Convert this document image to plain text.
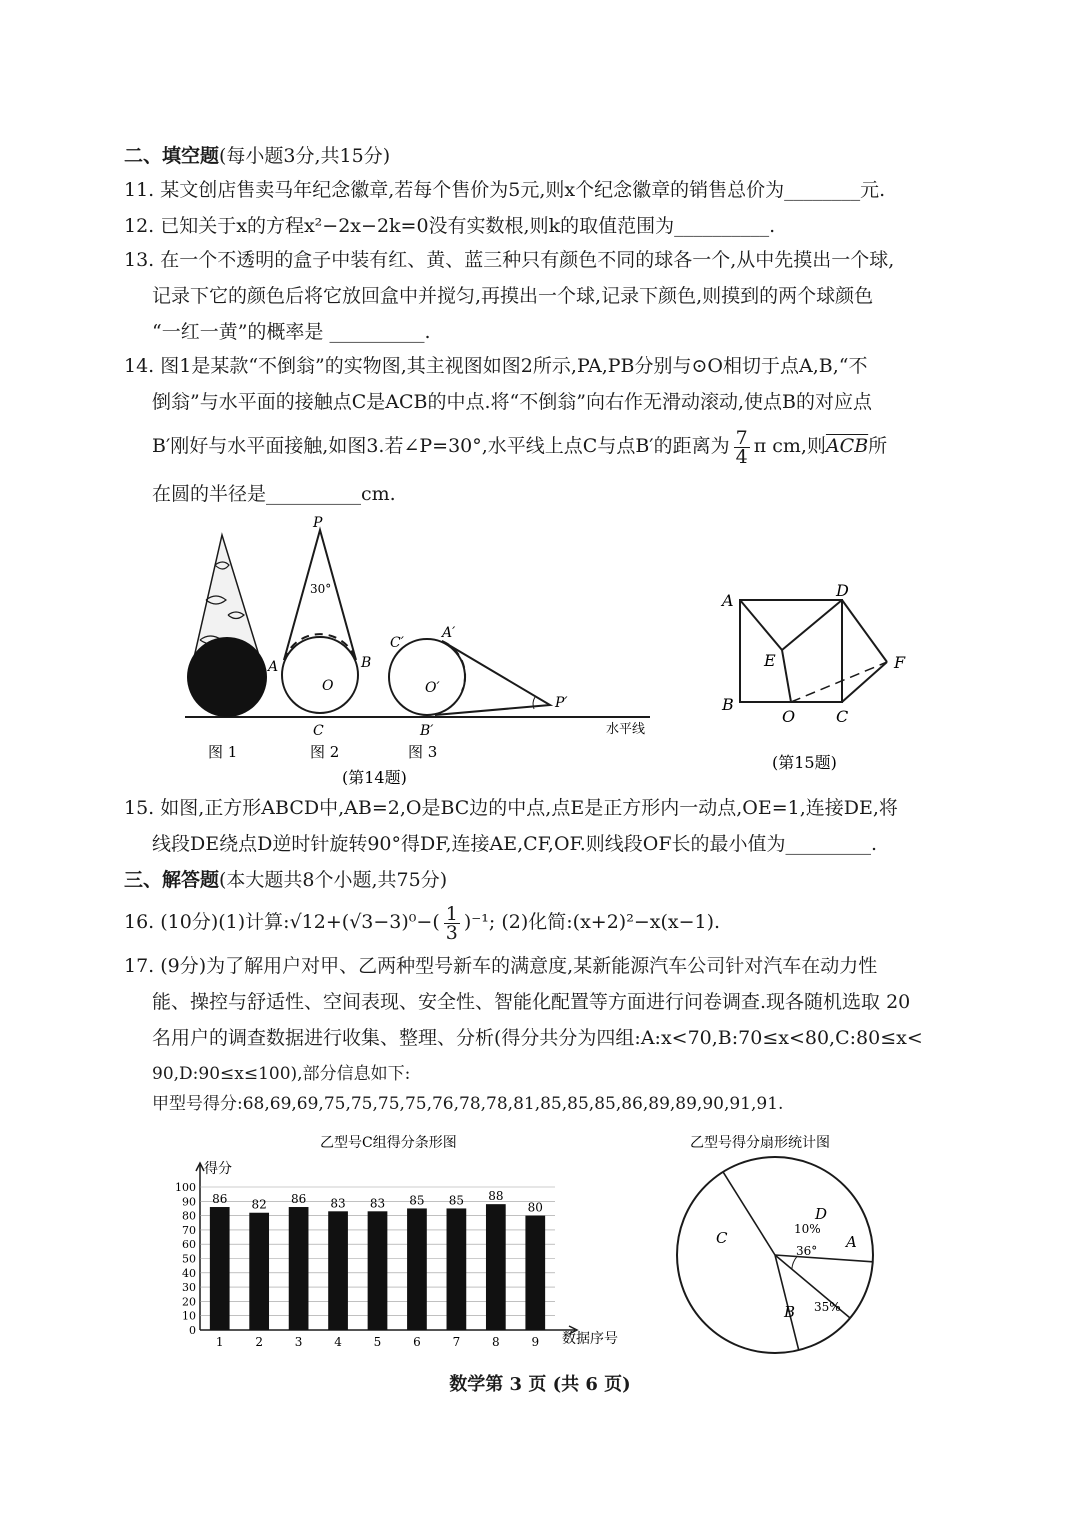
二、填空题(每小题3分,共15分)
11. 某文创店售卖马年纪念徽章,若每个售价为5元,则x个纪念徽章的销售总价为________元.
12. 已知关于x的方程x²−2x−2k=0没有实数根,则k的取值范围为__________.
13. 在一个不透明的盒子中装有红、黄、蓝三种只有颜色不同的球各一个,从中先摸出一个球,
记录下它的颜色后将它放回盒中并搅匀,再摸出一个球,记录下颜色,则摸到的两个球颜色
“一红一黄”的概率是 __________.
14. 图1是某款“不倒翁”的实物图,其主视图如图2所示,PA,PB分别与⊙O相切于点A,B,“不
倒翁”与水平面的接触点C是ACB的中点.将“不倒翁”向右作无滑动滚动,使点B的对应点
B′刚好与水平面接触,如图3.若∠P=30°,水平线上点C与点B′的距离为 $\frac{7}{4}$ π cm,则$\overline{ACB}$所
在圆的半径是__________cm.
A
P
30°
B
O
C
C′
A′
O′
B′
P′
水平线
图 1	图 2	图 3
(第14题)
A
D
E	F
B
O	C
(第15题)
15. 如图,正方形ABCD中,AB=2,O是BC边的中点,点E是正方形内一动点,OE=1,连接DE,将
线段DE绕点D逆时针旋转90°得DF,连接AE,CF,OF.则线段OF长的最小值为_________.
三、解答题(本大题共8个小题,共75分)
16. (10分)(1)计算:√12+(√3−3)⁰−( $\frac{1}{3} )^{-1}$; (2)化简:(x+2)²−x(x−1).
17. (9分)为了解用户对甲、乙两种型号新车的满意度,某新能源汽车公司针对汽车在动力性
能、操控与舒适性、空间表现、安全性、智能化配置等方面进行问卷调查.现各随机选取 20
名用户的调查数据进行收集、整理、分析(得分共分为四组:A:x<70,B:70≤x<80,C:80≤x<
90,D:90≤x≤100),部分信息如下:
甲型号得分:68,69,69,75,75,75,75,76,78,78,81,85,85,85,86,89,89,90,91,91.
乙型号C组得分条形图
得分
数据序号
0
10
20
30
40
50
60
70
80
90
100
86
1
82
2
86
3
83
4
83
5
85
6
85
7
88
8
80
9
乙型号得分扇形统计图
C
D
10%
A
36°
B 35%
数学第 3 页 (共 6 页)
